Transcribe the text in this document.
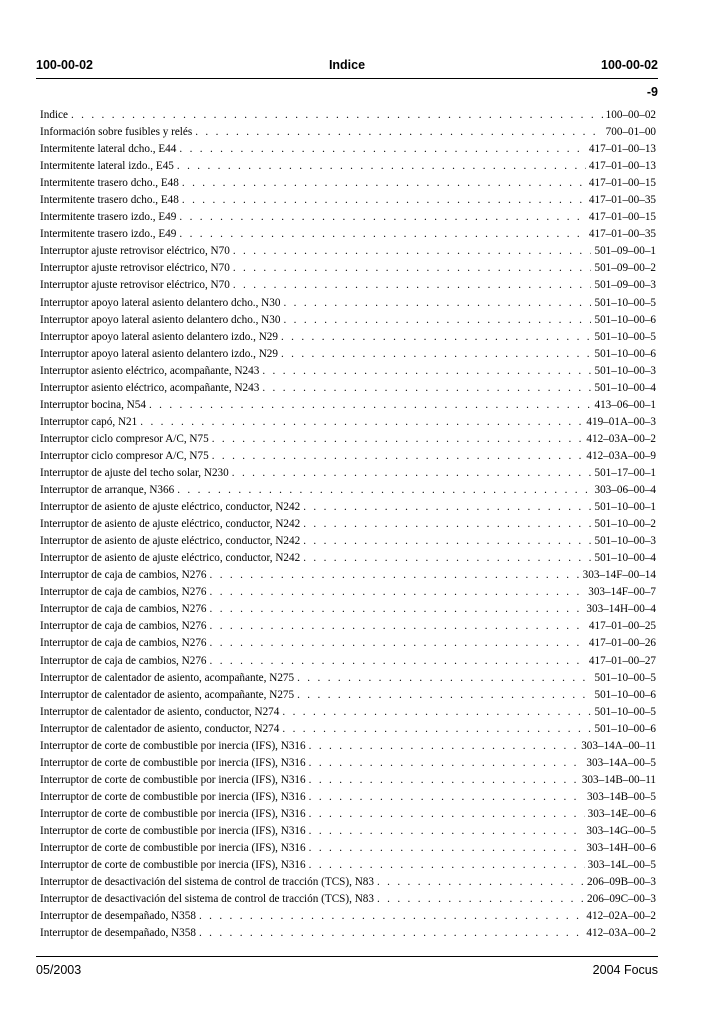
100-00-02	Indice	100-00-02
-9
Indice . . .	100–00–02
Información sobre fusibles y relés . . .	700–01–00
Intermitente lateral dcho., E44 . . .	417–01–00–13
Intermitente lateral izdo., E45 . . .	417–01–00–13
Intermitente trasero dcho., E48 . . .	417–01–00–15
Intermitente trasero dcho., E48 . . .	417–01–00–35
Intermitente trasero izdo., E49 . . .	417–01–00–15
Intermitente trasero izdo., E49 . . .	417–01–00–35
Interruptor ajuste retrovisor eléctrico, N70 . . .	501–09–00–1
Interruptor ajuste retrovisor eléctrico, N70 . . .	501–09–00–2
Interruptor ajuste retrovisor eléctrico, N70 . . .	501–09–00–3
Interruptor apoyo lateral asiento delantero dcho., N30 . . .	501–10–00–5
Interruptor apoyo lateral asiento delantero dcho., N30 . . .	501–10–00–6
Interruptor apoyo lateral asiento delantero izdo., N29 . . .	501–10–00–5
Interruptor apoyo lateral asiento delantero izdo., N29 . . .	501–10–00–6
Interruptor asiento eléctrico, acompañante, N243 . . .	501–10–00–3
Interruptor asiento eléctrico, acompañante, N243 . . .	501–10–00–4
Interruptor bocina, N54 . . .	413–06–00–1
Interruptor capó, N21 . . .	419–01A–00–3
Interruptor ciclo compresor A/C, N75 . . .	412–03A–00–2
Interruptor ciclo compresor A/C, N75 . . .	412–03A–00–9
Interruptor de ajuste del techo solar, N230 . . .	501–17–00–1
Interruptor de arranque, N366 . . .	303–06–00–4
Interruptor de asiento de ajuste eléctrico, conductor, N242 . . .	501–10–00–1
Interruptor de asiento de ajuste eléctrico, conductor, N242 . . .	501–10–00–2
Interruptor de asiento de ajuste eléctrico, conductor, N242 . . .	501–10–00–3
Interruptor de asiento de ajuste eléctrico, conductor, N242 . . .	501–10–00–4
Interruptor de caja de cambios, N276 . . .	303–14F–00–14
Interruptor de caja de cambios, N276 . . .	303–14F–00–7
Interruptor de caja de cambios, N276 . . .	303–14H–00–4
Interruptor de caja de cambios, N276 . . .	417–01–00–25
Interruptor de caja de cambios, N276 . . .	417–01–00–26
Interruptor de caja de cambios, N276 . . .	417–01–00–27
Interruptor de calentador de asiento, acompañante, N275 . . .	501–10–00–5
Interruptor de calentador de asiento, acompañante, N275 . . .	501–10–00–6
Interruptor de calentador de asiento, conductor, N274 . . .	501–10–00–5
Interruptor de calentador de asiento, conductor, N274 . . .	501–10–00–6
Interruptor de corte de combustible por inercia (IFS), N316 . . .	303–14A–00–11
Interruptor de corte de combustible por inercia (IFS), N316 . . .	303–14A–00–5
Interruptor de corte de combustible por inercia (IFS), N316 . . .	303–14B–00–11
Interruptor de corte de combustible por inercia (IFS), N316 . . .	303–14B–00–5
Interruptor de corte de combustible por inercia (IFS), N316 . . .	303–14E–00–6
Interruptor de corte de combustible por inercia (IFS), N316 . . .	303–14G–00–5
Interruptor de corte de combustible por inercia (IFS), N316 . . .	303–14H–00–6
Interruptor de corte de combustible por inercia (IFS), N316 . . .	303–14L–00–5
Interruptor de desactivación del sistema de control de tracción (TCS), N83 . . .	206–09B–00–3
Interruptor de desactivación del sistema de control de tracción (TCS), N83 . . .	206–09C–00–3
Interruptor de desempañado, N358 . . .	412–02A–00–2
Interruptor de desempañado, N358 . . .	412–03A–00–2
05/2003	2004 Focus
